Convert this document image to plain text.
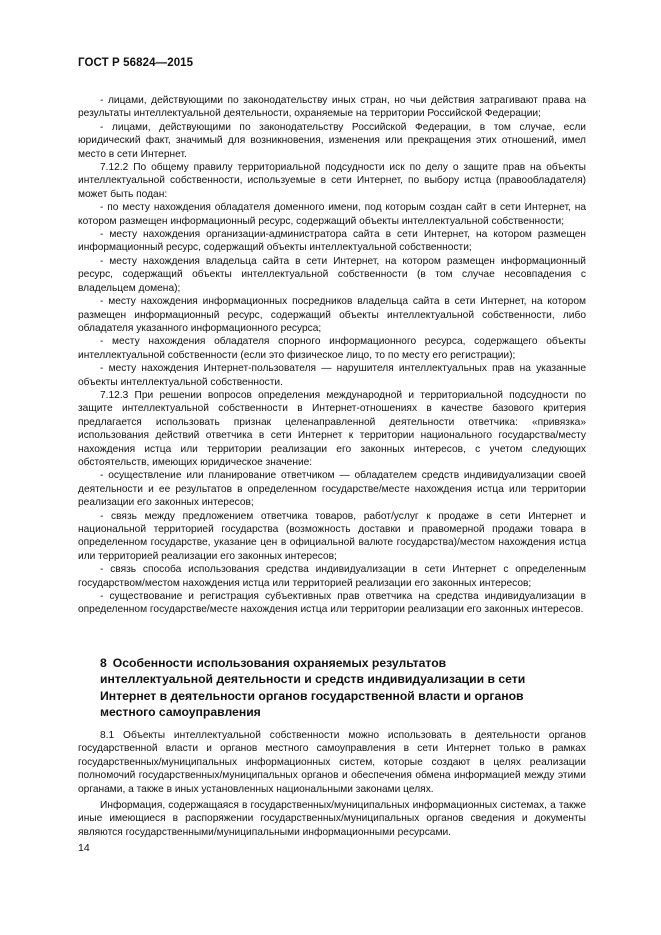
ГОСТ Р 56824—2015

- лицами, действующими по законодательству иных стран, но чьи действия затрагивают права на результаты интеллектуальной деятельности, охраняемые на территории Российской Федерации;

- лицами, действующими по законодательству Российской Федерации, в том случае, если юридический факт, значимый для возникновения, изменения или прекращения этих отношений, имел место в сети Интернет.

7.12.2 По общему правилу территориальной подсудности иск по делу о защите прав на объекты интеллектуальной собственности, используемые в сети Интернет, по выбору истца (правообладателя) может быть подан:

- по месту нахождения обладателя доменного имени, под которым создан сайт в сети Интернет, на котором размещен информационный ресурс, содержащий объекты интеллектуальной собственности;

- месту нахождения организации-администратора сайта в сети Интернет, на котором размещен информационный ресурс, содержащий объекты интеллектуальной собственности;

- месту нахождения владельца сайта в сети Интернет, на котором размещен информационный ресурс, содержащий объекты интеллектуальной собственности (в том случае несовпадения с владельцем домена);

- месту нахождения информационных посредников владельца сайта в сети Интернет, на котором размещен информационный ресурс, содержащий объекты интеллектуальной собственности, либо обладателя указанного информационного ресурса;

- месту нахождения обладателя спорного информационного ресурса, содержащего объекты интеллектуальной собственности (если это физическое лицо, то по месту его регистрации);

- месту нахождения Интернет-пользователя — нарушителя интеллектуальных прав на указанные объекты интеллектуальной собственности.

7.12.3 При решении вопросов определения международной и территориальной подсудности по защите интеллектуальной собственности в Интернет-отношениях в качестве базового критерия предлагается использовать признак целенаправленной деятельности ответчика: «привязка» использования действий ответчика в сети Интернет к территории национального государства/месту нахождения истца или территории реализации его законных интересов, с учетом следующих обстоятельств, имеющих юридическое значение:

- осуществление или планирование ответчиком — обладателем средств индивидуализации своей деятельности и ее результатов в определенном государстве/месте нахождения истца или территории реализации его законных интересов;

- связь между предложением ответчика товаров, работ/услуг к продаже в сети Интернет и национальной территорией государства (возможность доставки и правомерной продажи товара в определенном государстве, указание цен в официальной валюте государства)/местом нахождения истца или территорией реализации его законных интересов;

- связь способа использования средства индивидуализации в сети Интернет с определенным государством/местом нахождения истца или территорией реализации его законных интересов;

- существование и регистрация субъективных прав ответчика на средства индивидуализации в определенном государстве/месте нахождения истца или территории реализации его законных интересов.

8 Особенности использования охраняемых результатов интеллектуальной деятельности и средств индивидуализации в сети Интернет в деятельности органов государственной власти и органов местного самоуправления

8.1 Объекты интеллектуальной собственности можно использовать в деятельности органов государственной власти и органов местного самоуправления в сети Интернет только в рамках государственных/муниципальных информационных систем, которые создают в целях реализации полномочий государственных/муниципальных органов и обеспечения обмена информацией между этими органами, а также в иных установленных национальными законами целях.

Информация, содержащаяся в государственных/муниципальных информационных системах, а также иные имеющиеся в распоряжении государственных/муниципальных органов сведения и документы являются государственными/муниципальными информационными ресурсами.

14
